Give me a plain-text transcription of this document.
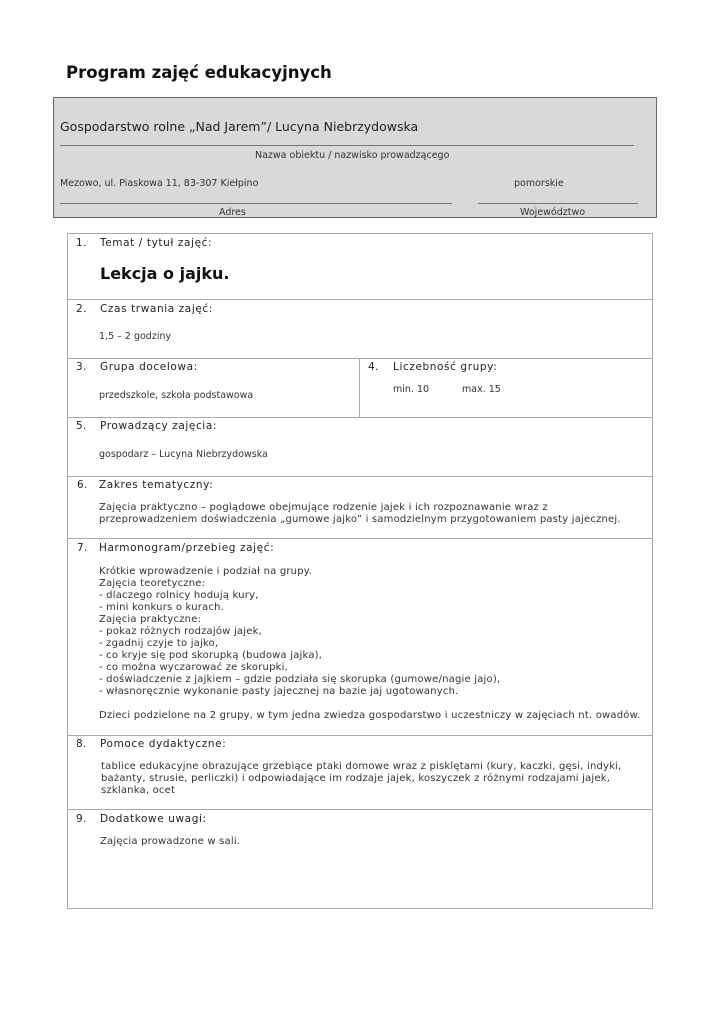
Program zajęć edukacyjnych
Gospodarstwo rolne „Nad Jarem”/ Lucyna Niebrzydowska
Nazwa obiektu / nazwisko prowadzącego
Mezowo, ul. Piaskowa 11, 83-307 Kiełpino	pomorskie
Adres	Województwo
1. Temat / tytuł zajęć:
Lekcja o jajku.
2. Czas trwania zajęć:
1,5 – 2 godziny
3. Grupa docelowa:
przedszkole, szkoła podstawowa
4. Liczebność grupy:
min. 10	max. 15
5. Prowadzący zajęcia:
gospodarz – Lucyna Niebrzydowska
6. Zakres tematyczny:
Zajęcia praktyczno – poglądowe obejmujące rodzenie jajek i ich rozpoznawanie wraz z
przeprowadzeniem doświadczenia „gumowe jajko” i samodzielnym przygotowaniem pasty jajecznej.
7. Harmonogram/przebieg zajęć:
Krótkie wprowadzenie i podział na grupy.
Zajęcia teoretyczne:
- dlaczego rolnicy hodują kury,
- mini konkurs o kurach.
Zajęcia praktyczne:
- pokaz różnych rodzajów jajek,
- zgadnij czyje to jajko,
- co kryje się pod skorupką (budowa jajka),
- co można wyczarować ze skorupki,
- doświadczenie z jajkiem – gdzie podziała się skorupka (gumowe/nagie jajo),
- własnoręcznie wykonanie pasty jajecznej na bazie jaj ugotowanych.
Dzieci podzielone na 2 grupy, w tym jedna zwiedza gospodarstwo i uczestniczy w zajęciach nt. owadów.
8. Pomoce dydaktyczne:
tablice edukacyjne obrazujące grzebiące ptaki domowe wraz z pisklętami (kury, kaczki, gęsi, indyki,
bażanty, strusie, perliczki) i odpowiadające im rodzaje jajek, koszyczek z różnymi rodzajami jajek,
szklanka, ocet
9. Dodatkowe uwagi:
Zajęcia prowadzone w sali.
